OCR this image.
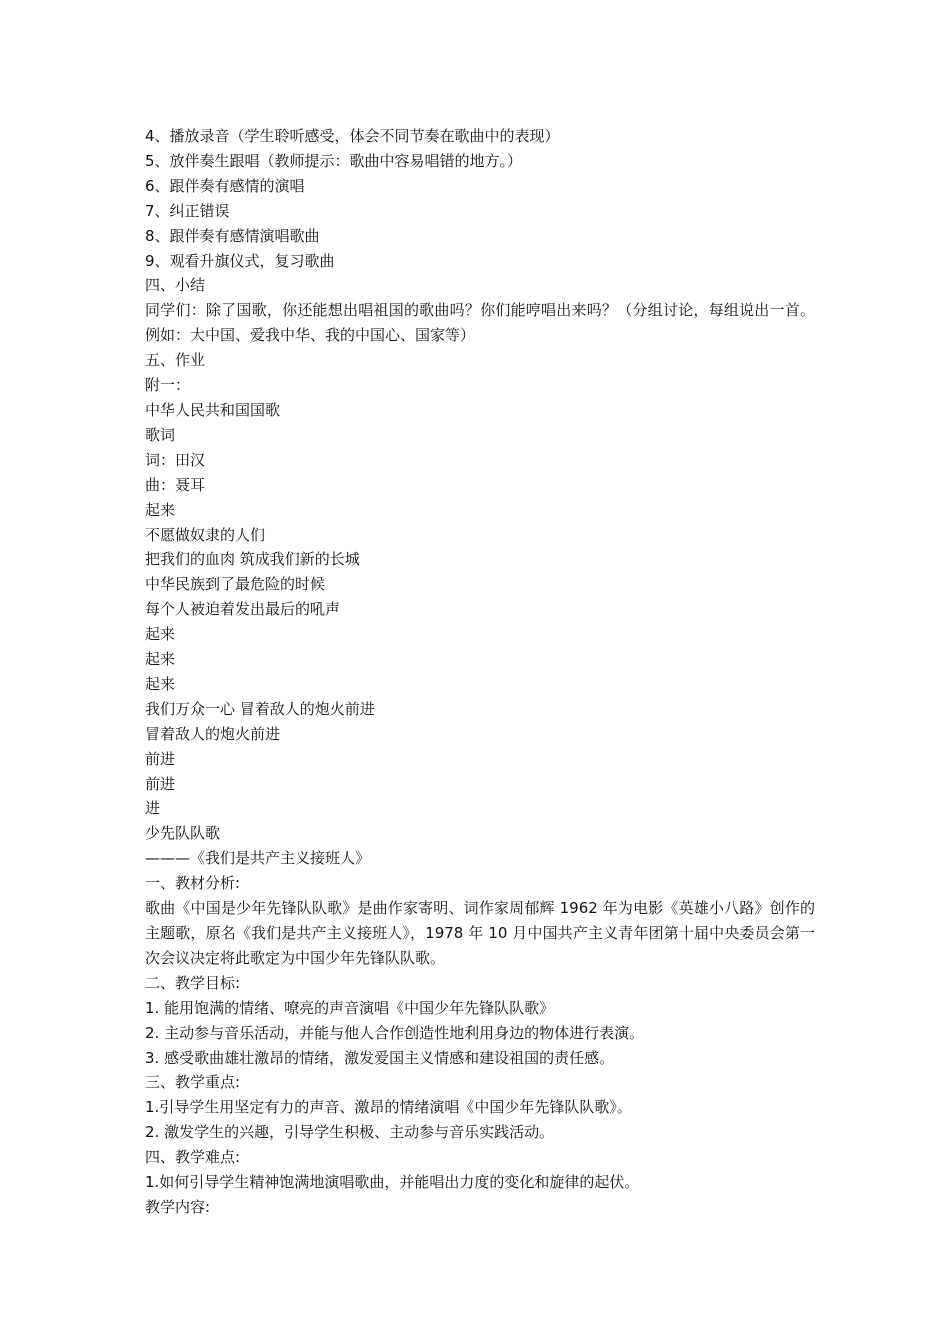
4、播放录音（学生聆听感受，体会不同节奏在歌曲中的表现）
5、放伴奏生跟唱（教师提示：歌曲中容易唱错的地方。）
6、跟伴奏有感情的演唱
7、纠正错误
8、跟伴奏有感情演唱歌曲
9、观看升旗仪式，复习歌曲
四、小结

同学们：除了国歌，你还能想出唱祖国的歌曲吗？你们能哼唱出来吗？（分组讨论，每组说出一首。例如：大中国、爱我中华、我的中国心、国家等）

五、作业
附一：
中华人民共和国国歌
歌词
词：田汉
曲：聂耳
起来
不愿做奴隶的人们
把我们的血肉 筑成我们新的长城
中华民族到了最危险的时候
每个人被迫着发出最后的吼声
起来
起来
起来
我们万众一心 冒着敌人的炮火前进
冒着敌人的炮火前进
前进
前进
进
少先队队歌
———《我们是共产主义接班人》
一、教材分析:

歌曲《中国是少年先锋队队歌》是曲作家寄明、词作家周郁辉 1962 年为电影《英雄小八路》创作的主题歌，原名《我们是共产主义接班人》，1978 年 10 月中国共产主义青年团第十届中央委员会第一次会议决定将此歌定为中国少年先锋队队歌。

二、教学目标:
1. 能用饱满的情绪、嘹亮的声音演唱《中国少年先锋队队歌》
2. 主动参与音乐活动，并能与他人合作创造性地利用身边的物体进行表演。
3. 感受歌曲雄壮激昂的情绪，激发爱国主义情感和建设祖国的责任感。
三、教学重点:
1.引导学生用坚定有力的声音、激昂的情绪演唱《中国少年先锋队队歌》。
2. 激发学生的兴趣，引导学生积极、主动参与音乐实践活动。
四、教学难点:
1.如何引导学生精神饱满地演唱歌曲，并能唱出力度的变化和旋律的起伏。
教学内容:
